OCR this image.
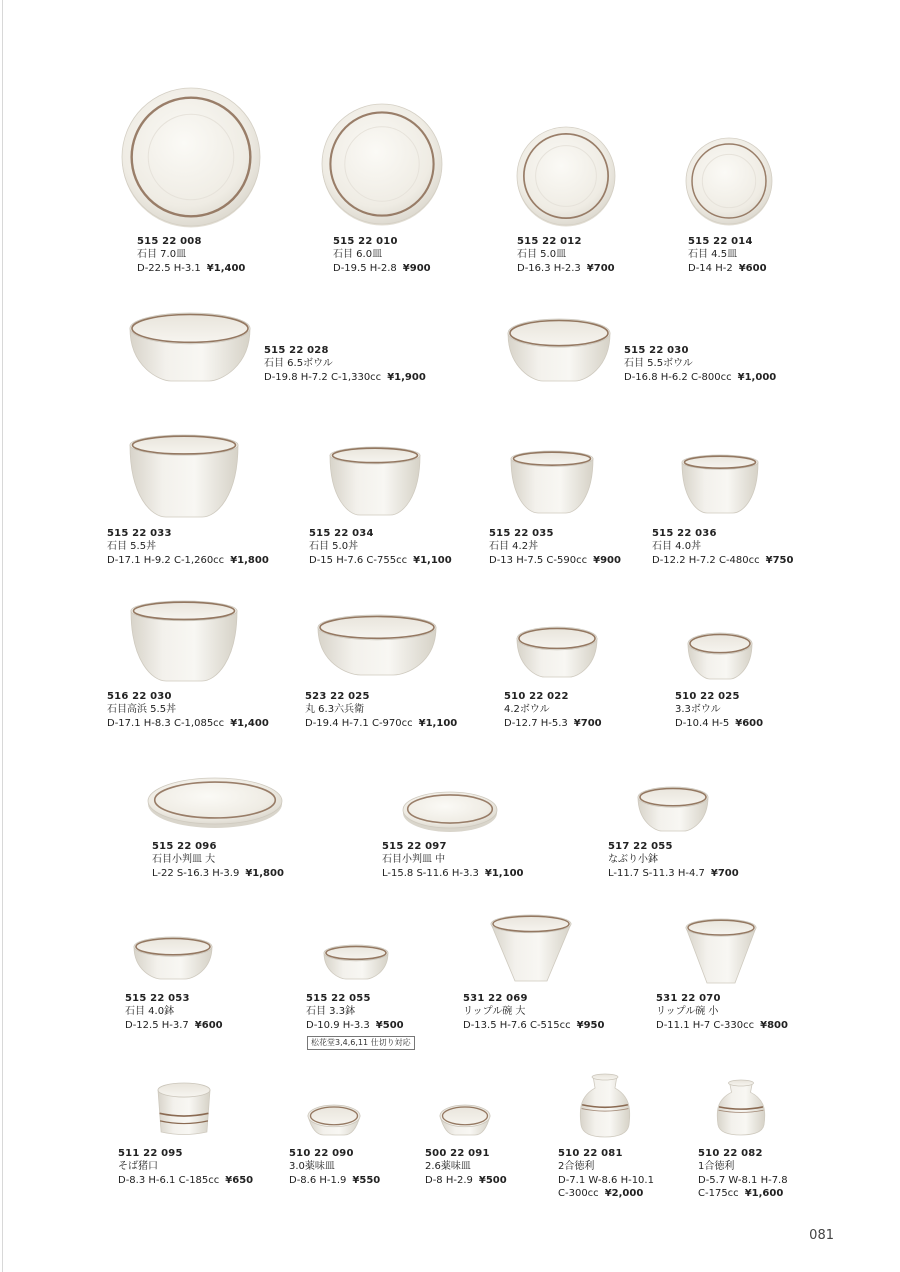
515 22 008
石目 7.0皿
D-22.5 H-3.1 ¥1,400
515 22 010
石目 6.0皿
D-19.5 H-2.8 ¥900
515 22 012
石目 5.0皿
D-16.3 H-2.3 ¥700
515 22 014
石目 4.5皿
D-14 H-2 ¥600
515 22 028
石目 6.5ボウル
D-19.8 H-7.2 C-1,330cc ¥1,900
515 22 030
石目 5.5ボウル
D-16.8 H-6.2 C-800cc ¥1,000
515 22 033
石目 5.5丼
D-17.1 H-9.2 C-1,260cc ¥1,800
515 22 034
石目 5.0丼
D-15 H-7.6 C-755cc ¥1,100
515 22 035
石目 4.2丼
D-13 H-7.5 C-590cc ¥900
515 22 036
石目 4.0丼
D-12.2 H-7.2 C-480cc ¥750
516 22 030
石目高浜 5.5丼
D-17.1 H-8.3 C-1,085cc ¥1,400
523 22 025
丸 6.3六兵衛
D-19.4 H-7.1 C-970cc ¥1,100
510 22 022
4.2ボウル
D-12.7 H-5.3 ¥700
510 22 025
3.3ボウル
D-10.4 H-5 ¥600
515 22 096
石目小判皿 大
L-22 S-16.3 H-3.9 ¥1,800
515 22 097
石目小判皿 中
L-15.8 S-11.6 H-3.3 ¥1,100
517 22 055
なぶり小鉢
L-11.7 S-11.3 H-4.7 ¥700
515 22 053
石目 4.0鉢
D-12.5 H-3.7 ¥600
515 22 055
石目 3.3鉢
D-10.9 H-3.3 ¥500
松花堂3,4,6,11 仕切り対応
531 22 069
リップル碗 大
D-13.5 H-7.6 C-515cc ¥950
531 22 070
リップル碗 小
D-11.1 H-7 C-330cc ¥800
511 22 095
そば猪口
D-8.3 H-6.1 C-185cc ¥650
510 22 090
3.0薬味皿
D-8.6 H-1.9 ¥550
500 22 091
2.6薬味皿
D-8 H-2.9 ¥500
510 22 081
2合徳利
D-7.1 W-8.6 H-10.1
C-300cc ¥2,000
510 22 082
1合徳利
D-5.7 W-8.1 H-7.8
C-175cc ¥1,600
081
